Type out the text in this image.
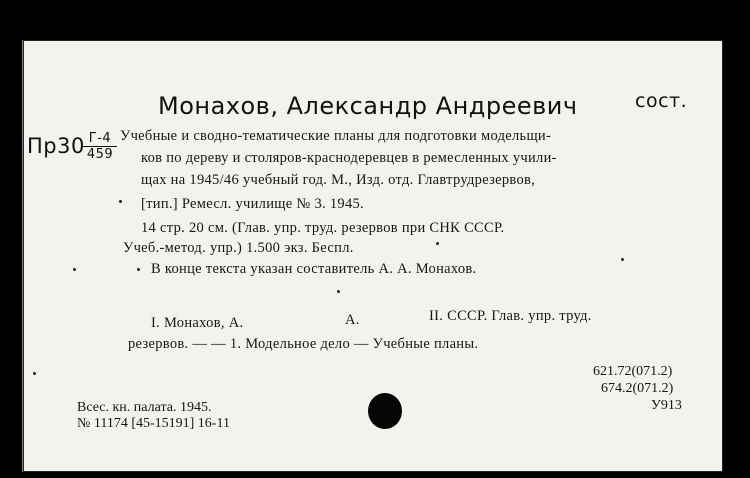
Монахов, Александр Андреевич	сост.
Пр30 Г-4
459
Учебные и сводно-тематические планы для подготовки модельщи-
ков по дереву и столяров-краснодеревцев в ремесленных учили-
щах на 1945/46 учебный год. М., Изд. отд. Главтрудрезервов,
[тип.] Ремесл. училище № 3. 1945.
14 стр. 20 см. (Глав. упр. труд. резервов при СНК СССР.
Учеб.-метод. упр.) 1.500 экз. Беспл.
В конце текста указан составитель А. А. Монахов.
I. Монахов, А.	А.	II. СССР. Глав. упр. труд.
резервов. — — 1. Модельное дело — Учебные планы.
621.72(071.2)
674.2(071.2)
У913
Всес. кн. палата. 1945.
№ 11174 [45-15191] 16-11
